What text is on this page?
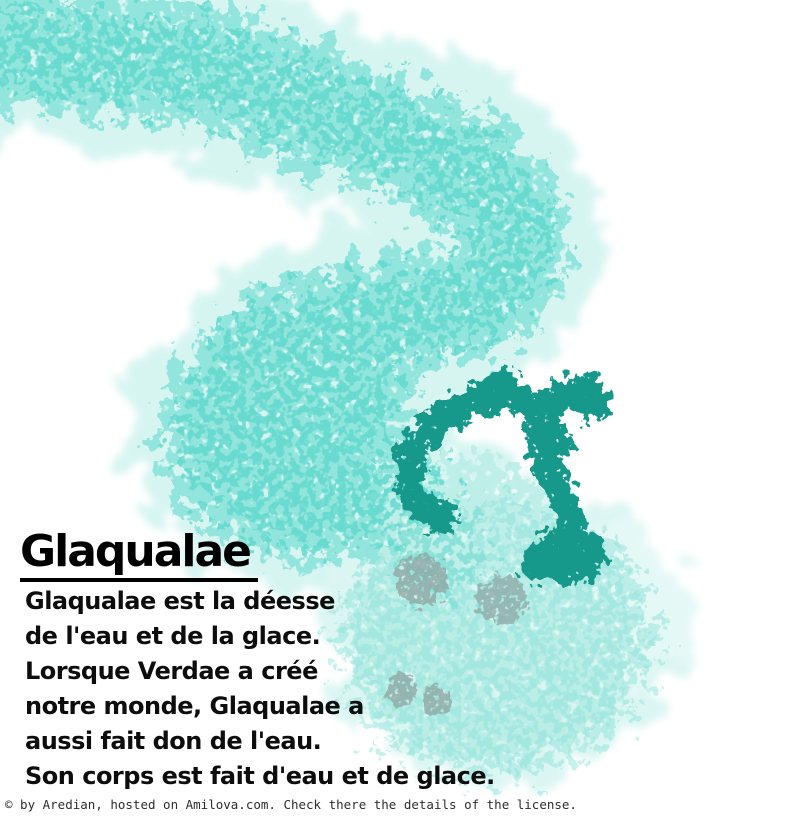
Glaqualae
Glaqualae est la déesse
de l'eau et de la glace.
Lorsque Verdae a créé
notre monde, Glaqualae a
aussi fait don de l'eau.
Son corps est fait d'eau et de glace.
© by Aredian, hosted on Amilova.com. Check there the details of the license.
